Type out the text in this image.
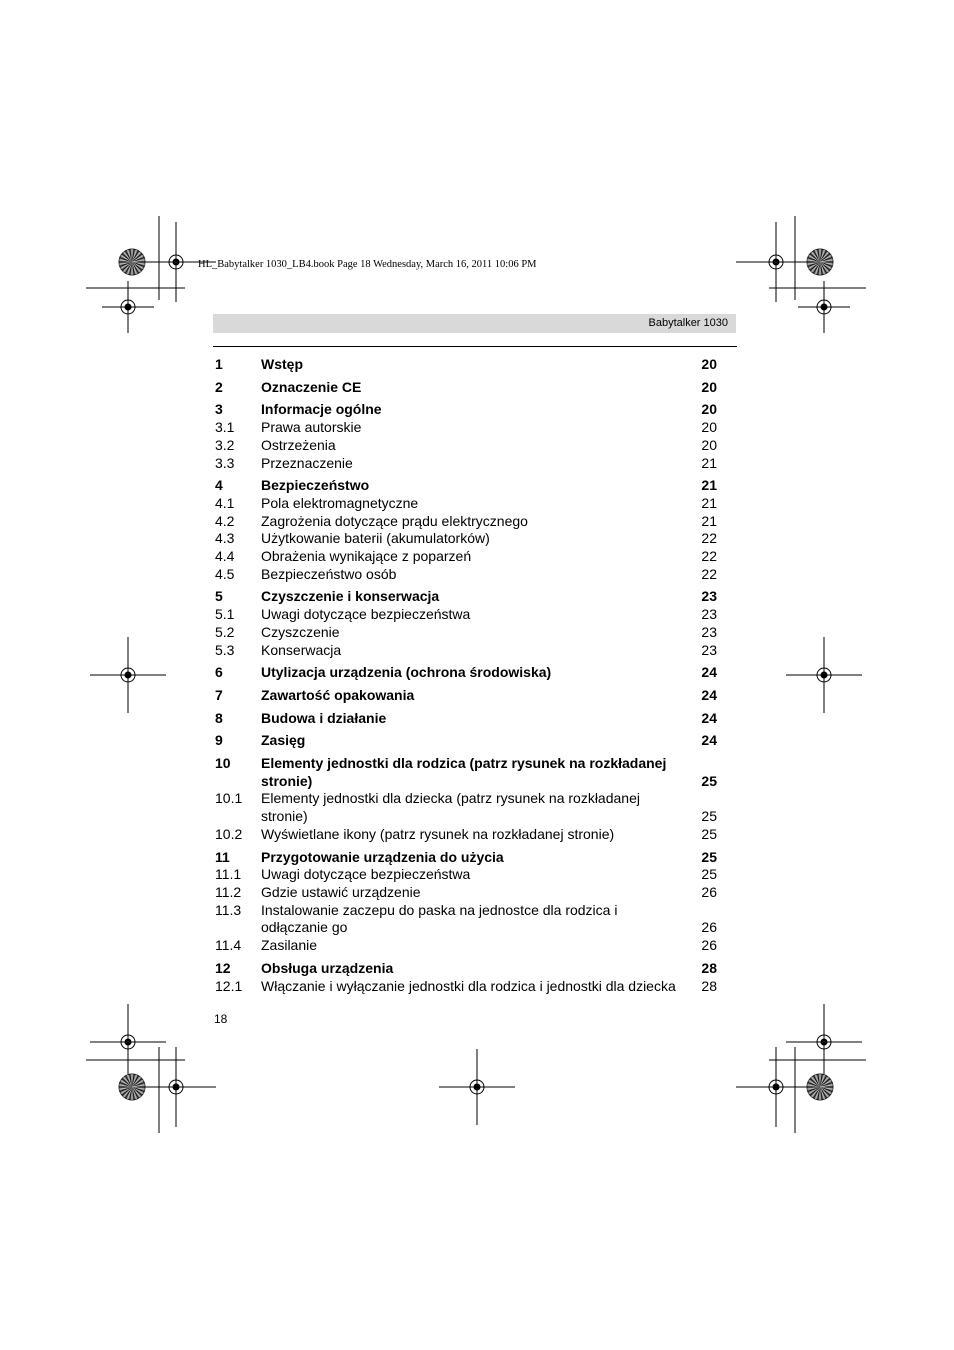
HL_Babytalker 1030_LB4.book Page 18 Wednesday, March 16, 2011 10:06 PM
Babytalker 1030
1	Wstęp	20
2	Oznaczenie CE	20
3	Informacje ogólne	20
3.1	Prawa autorskie	20
3.2	Ostrzeżenia	20
3.3	Przeznaczenie	21
4	Bezpieczeństwo	21
4.1	Pola elektromagnetyczne	21
4.2	Zagrożenia dotyczące prądu elektrycznego	21
4.3	Użytkowanie baterii (akumulatorków)	22
4.4	Obrażenia wynikające z poparzeń	22
4.5	Bezpieczeństwo osób	22
5	Czyszczenie i konserwacja	23
5.1	Uwagi dotyczące bezpieczeństwa	23
5.2	Czyszczenie	23
5.3	Konserwacja	23
6	Utylizacja urządzenia (ochrona środowiska)	24
7	Zawartość opakowania	24
8	Budowa i działanie	24
9	Zasięg	24
10	Elementy jednostki dla rodzica (patrz rysunek na rozkładanej stronie)	25
10.1	Elementy jednostki dla dziecka (patrz rysunek na rozkładanej stronie)	25
10.2	Wyświetlane ikony (patrz rysunek na rozkładanej stronie)	25
11	Przygotowanie urządzenia do użycia	25
11.1	Uwagi dotyczące bezpieczeństwa	25
11.2	Gdzie ustawić urządzenie	26
11.3	Instalowanie zaczepu do paska na jednostce dla rodzica i odłączanie go	26
11.4	Zasilanie	26
12	Obsługa urządzenia	28
12.1	Włączanie i wyłączanie jednostki dla rodzica i jednostki dla dziecka	28
18
